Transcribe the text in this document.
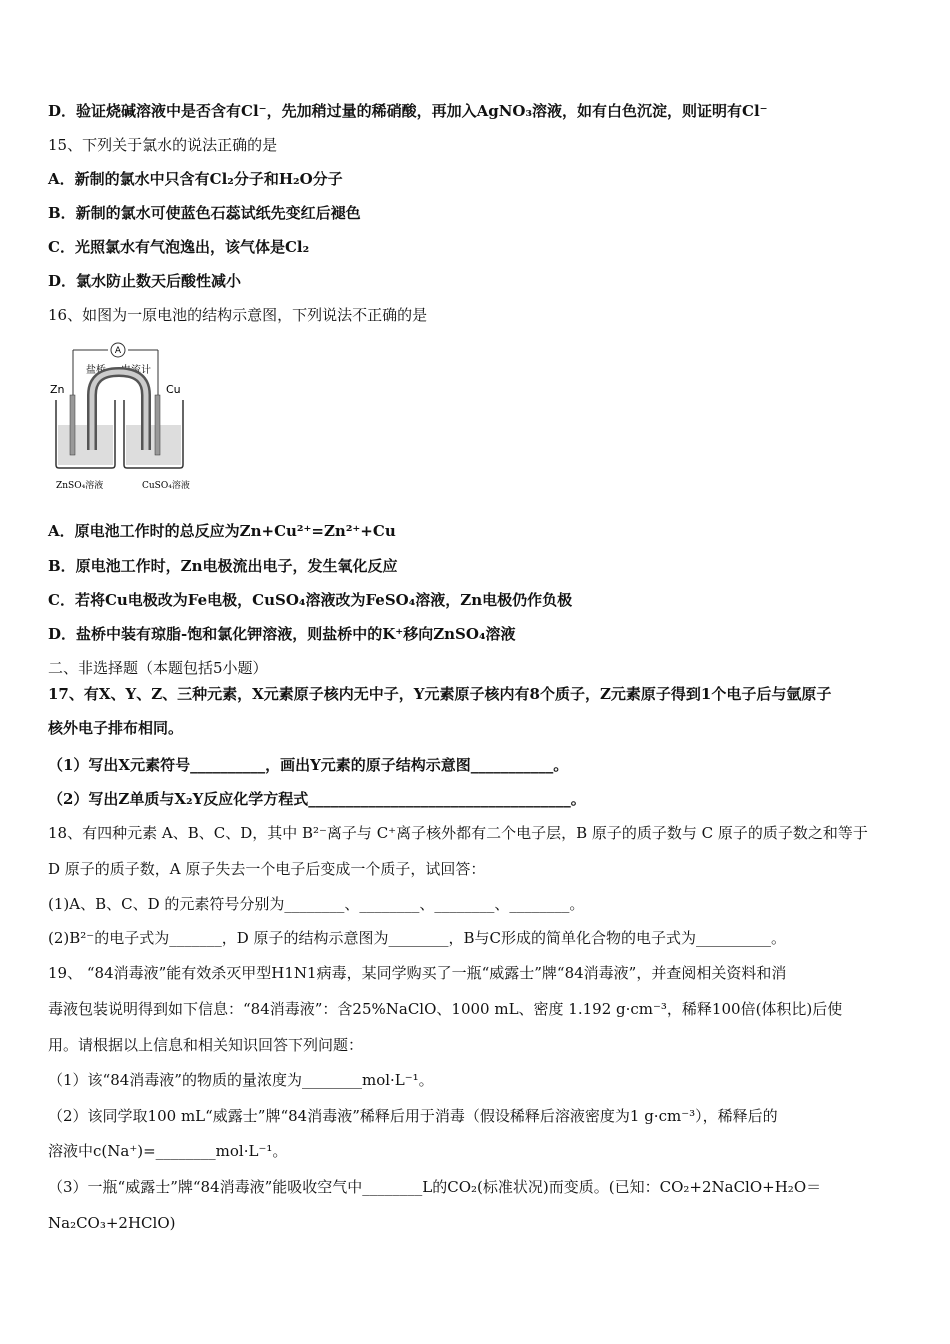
D．验证烧碱溶液中是否含有Cl⁻，先加稍过量的稀硝酸，再加入AgNO₃溶液，如有白色沉淀，则证明有Cl⁻
15、下列关于氯水的说法正确的是
A．新制的氯水中只含有Cl₂分子和H₂O分子
B．新制的氯水可使蓝色石蕊试纸先变红后褪色
C．光照氯水有气泡逸出，该气体是Cl₂
D．氯水防止数天后酸性减小
16、如图为一原电池的结构示意图，下列说法不正确的是
A
盐桥 电流计
Zn	Cu
ZnSO₄溶液	CuSO₄溶液
A．原电池工作时的总反应为Zn+Cu²⁺=Zn²⁺+Cu
B．原电池工作时，Zn电极流出电子，发生氧化反应
C．若将Cu电极改为Fe电极，CuSO₄溶液改为FeSO₄溶液，Zn电极仍作负极
D．盐桥中装有琼脂-饱和氯化钾溶液，则盐桥中的K⁺移向ZnSO₄溶液
二、非选择题（本题包括5小题）
17、有X、Y、Z、三种元素，X元素原子核内无中子，Y元素原子核内有8个质子，Z元素原子得到1个电子后与氩原子
核外电子排布相同。
（1）写出X元素符号__________，画出Y元素的原子结构示意图___________。
（2）写出Z单质与X₂Y反应化学方程式___________________________________。
18、有四种元素 A、B、C、D，其中 B²⁻离子与 C⁺离子核外都有二个电子层，B 原子的质子数与 C 原子的质子数之和等于
D 原子的质子数，A 原子失去一个电子后变成一个质子，试回答：
(1)A、B、C、D 的元素符号分别为________、________、________、________。
(2)B²⁻的电子式为_______，D 原子的结构示意图为________，B与C形成的简单化合物的电子式为__________。
19、 “84消毒液”能有效杀灭甲型H1N1病毒，某同学购买了一瓶“威露士”牌“84消毒液”，并查阅相关资料和消
毒液包装说明得到如下信息：“84消毒液”：含25%NaClO、1000 mL、密度 1.192 g·cm⁻³，稀释100倍(体积比)后使
用。请根据以上信息和相关知识回答下列问题：
（1）该“84消毒液”的物质的量浓度为________mol·L⁻¹。
（2）该同学取100 mL“威露士”牌“84消毒液”稀释后用于消毒（假设稀释后溶液密度为1 g·cm⁻³），稀释后的
溶液中c(Na⁺)=________mol·L⁻¹。
（3）一瓶“威露士”牌“84消毒液”能吸收空气中________L的CO₂(标准状况)而变质。(已知：CO₂+2NaClO+H₂O＝
Na₂CO₃+2HClO)
